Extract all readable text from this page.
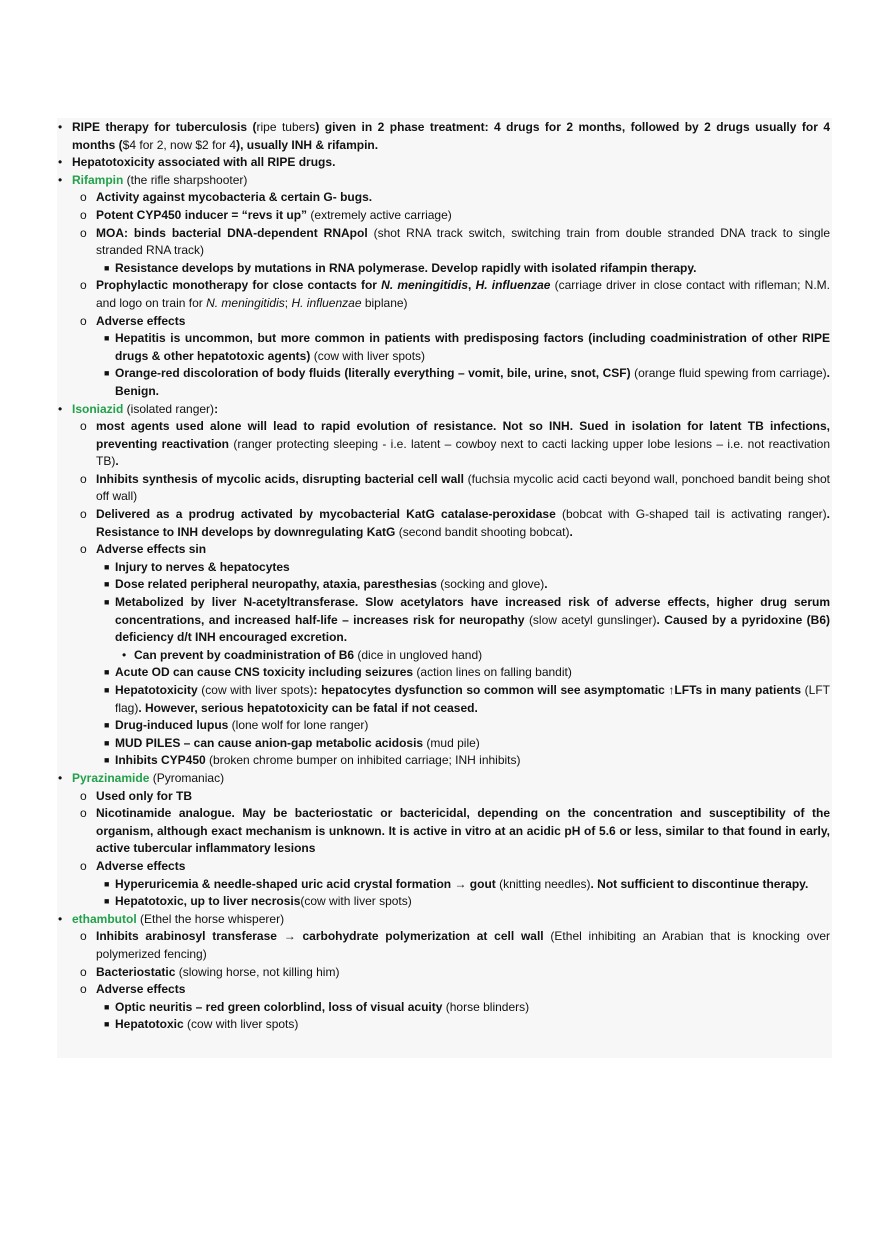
• RIPE therapy for tuberculosis (ripe tubers) given in 2 phase treatment: 4 drugs for 2 months, followed by 2 drugs usually for 4 months ($4 for 2, now $2 for 4), usually INH & rifampin.
• Hepatotoxicity associated with all RIPE drugs.
• Rifampin (the rifle sharpshooter)
o Activity against mycobacteria & certain G- bugs.
o Potent CYP450 inducer = “revs it up” (extremely active carriage)
o MOA: binds bacterial DNA-dependent RNApol (shot RNA track switch, switching train from double stranded DNA track to single stranded RNA track)
■ Resistance develops by mutations in RNA polymerase. Develop rapidly with isolated rifampin therapy.
o Prophylactic monotherapy for close contacts for N. meningitidis, H. influenzae (carriage driver in close contact with rifleman; N.M. and logo on train for N. meningitidis; H. influenzae biplane)
o Adverse effects
■ Hepatitis is uncommon, but more common in patients with predisposing factors (including coadministration of other RIPE drugs & other hepatotoxic agents) (cow with liver spots)
■ Orange-red discoloration of body fluids (literally everything – vomit, bile, urine, snot, CSF) (orange fluid spewing from carriage). Benign.
• Isoniazid (isolated ranger):
o most agents used alone will lead to rapid evolution of resistance. Not so INH. Sued in isolation for latent TB infections, preventing reactivation (ranger protecting sleeping - i.e. latent – cowboy next to cacti lacking upper lobe lesions – i.e. not reactivation TB).
o Inhibits synthesis of mycolic acids, disrupting bacterial cell wall (fuchsia mycolic acid cacti beyond wall, ponchoed bandit being shot off wall)
o Delivered as a prodrug activated by mycobacterial KatG catalase-peroxidase (bobcat with G-shaped tail is activating ranger). Resistance to INH develops by downregulating KatG (second bandit shooting bobcat).
o Adverse effects sin
■ Injury to nerves & hepatocytes
■ Dose related peripheral neuropathy, ataxia, paresthesias (socking and glove).
■ Metabolized by liver N-acetyltransferase. Slow acetylators have increased risk of adverse effects, higher drug serum concentrations, and increased half-life – increases risk for neuropathy (slow acetyl gunslinger). Caused by a pyridoxine (B6) deficiency d/t INH encouraged excretion.
• Can prevent by coadministration of B6 (dice in ungloved hand)
■ Acute OD can cause CNS toxicity including seizures (action lines on falling bandit)
■ Hepatotoxicity (cow with liver spots): hepatocytes dysfunction so common will see asymptomatic ↑LFTs in many patients (LFT flag). However, serious hepatotoxicity can be fatal if not ceased.
■ Drug-induced lupus (lone wolf for lone ranger)
■ MUD PILES – can cause anion-gap metabolic acidosis (mud pile)
■ Inhibits CYP450 (broken chrome bumper on inhibited carriage; INH inhibits)
• Pyrazinamide (Pyromaniac)
o Used only for TB
o Nicotinamide analogue. May be bacteriostatic or bactericidal, depending on the concentration and susceptibility of the organism, although exact mechanism is unknown. It is active in vitro at an acidic pH of 5.6 or less, similar to that found in early, active tubercular inflammatory lesions
o Adverse effects
■ Hyperuricemia & needle-shaped uric acid crystal formation → gout (knitting needles). Not sufficient to discontinue therapy.
■ Hepatotoxic, up to liver necrosis(cow with liver spots)
• ethambutol (Ethel the horse whisperer)
o Inhibits arabinosyl transferase → carbohydrate polymerization at cell wall (Ethel inhibiting an Arabian that is knocking over polymerized fencing)
o Bacteriostatic (slowing horse, not killing him)
o Adverse effects
■ Optic neuritis – red green colorblind, loss of visual acuity (horse blinders)
■ Hepatotoxic (cow with liver spots)
